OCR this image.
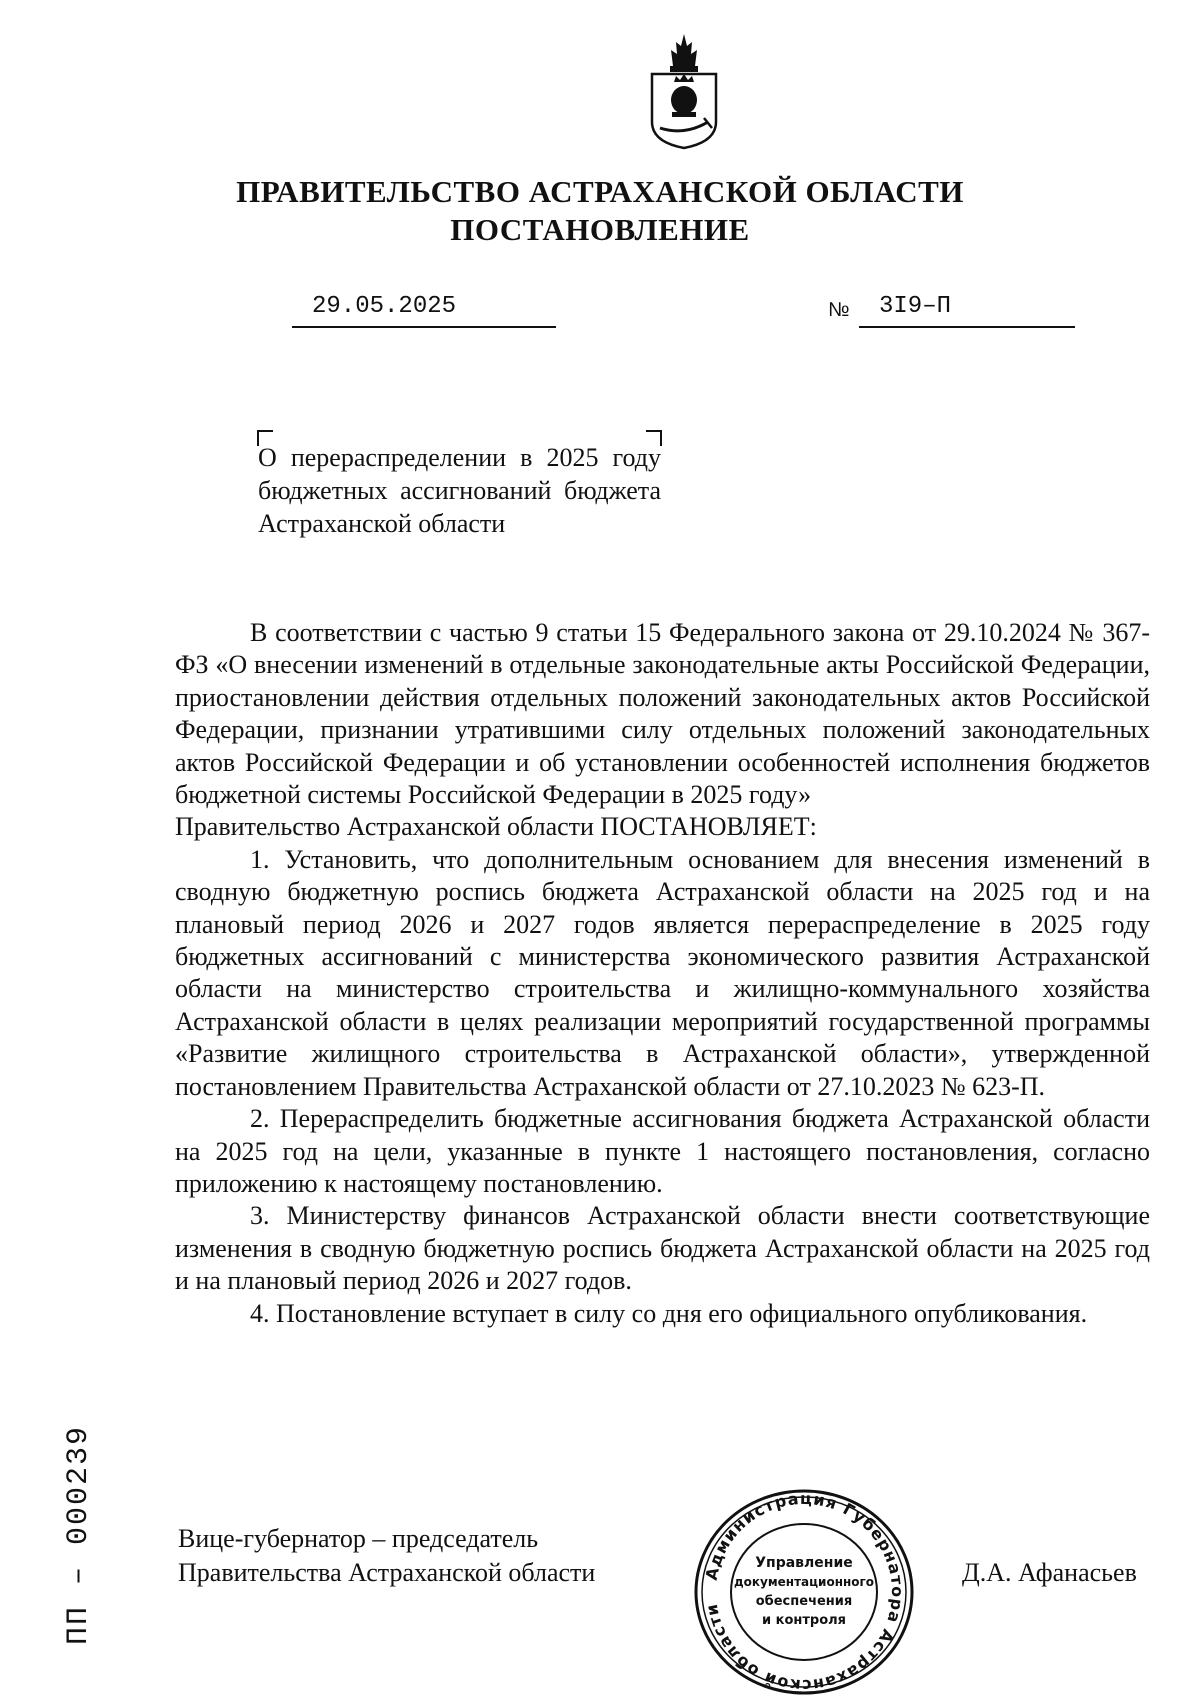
ПРАВИТЕЛЬСТВО АСТРАХАНСКОЙ ОБЛАСТИ
ПОСТАНОВЛЕНИЕ
29.05.2025	№ 3I9–П
О перераспределении в 2025 году бюджетных ассигнований бюджета Астраханской области

В соответствии с частью 9 статьи 15 Федерального закона от 29.10.2024 № 367-ФЗ «О внесении изменений в отдельные законодательные акты Российской Федерации, приостановлении действия отдельных положений законодательных актов Российской Федерации, признании утратившими силу отдельных положений законодательных актов Российской Федерации и об установлении особенностей исполнения бюджетов бюджетной системы Российской Федерации в 2025 году»

Правительство Астраханской области ПОСТАНОВЛЯЕТ:

1. Установить, что дополнительным основанием для внесения изменений в сводную бюджетную роспись бюджета Астраханской области на 2025 год и на плановый период 2026 и 2027 годов является перераспределение в 2025 году бюджетных ассигнований с министерства экономического развития Астраханской области на министерство строительства и жилищно-коммунального хозяйства Астраханской области в целях реализации мероприятий государственной программы «Развитие жилищного строительства в Астраханской области», утвержденной постановлением Правительства Астраханской области от 27.10.2023 № 623-П.

2. Перераспределить бюджетные ассигнования бюджета Астраханской области на 2025 год на цели, указанные в пункте 1 настоящего постановления, согласно приложению к настоящему постановлению.

3. Министерству финансов Астраханской области внести соответствующие изменения в сводную бюджетную роспись бюджета Астраханской области на 2025 год и на плановый период 2026 и 2027 годов.

4. Постановление вступает в силу со дня его официального опубликования.

Вице-губернатор – председатель
Правительства Астраханской области	Д.А. Афанасьев
Администрация Губернатора Астраханской области
Управление
документационного
обеспечения
и контроля
ПП – 000239
